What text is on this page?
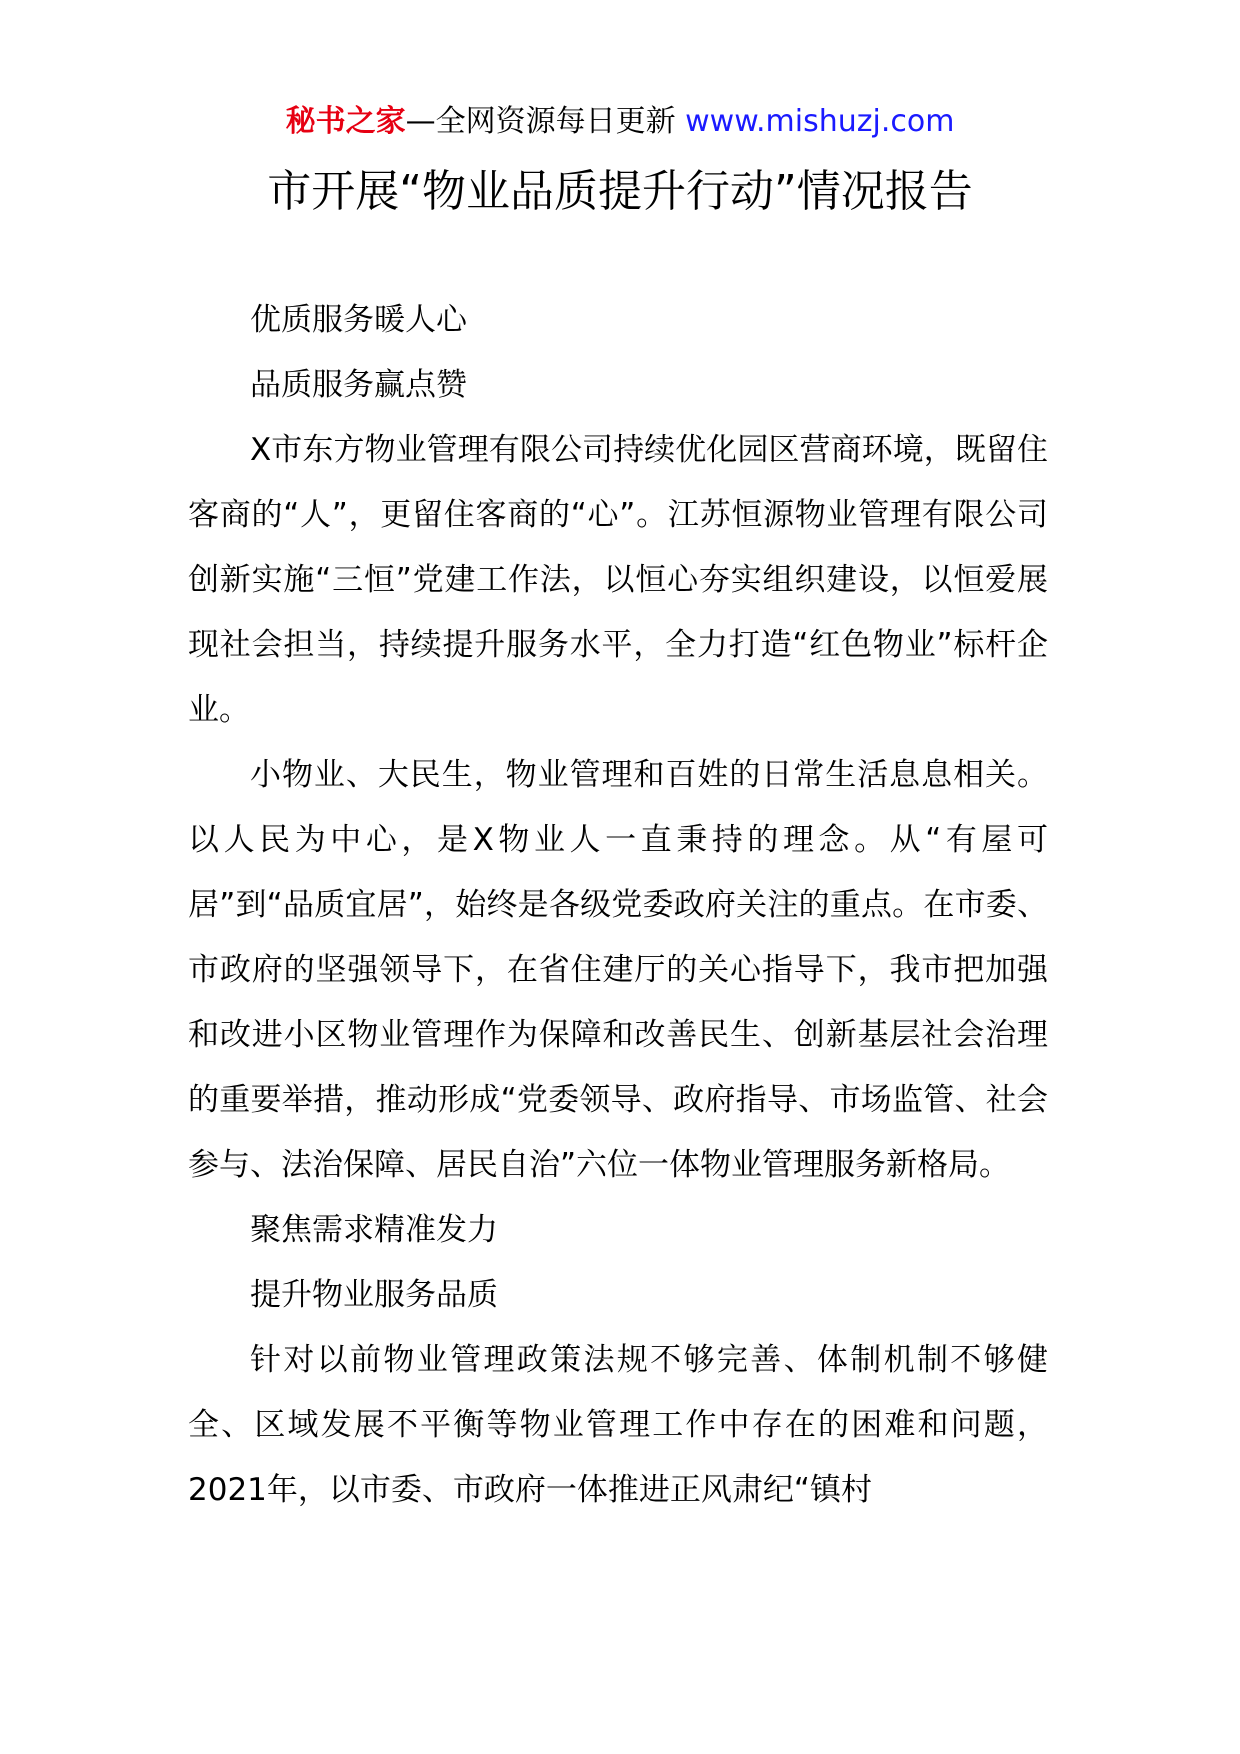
秘书之家—全网资源每日更新 www.mishuzj.com
市开展“物业品质提升行动”情况报告

优质服务暖人心

品质服务赢点赞

X市东方物业管理有限公司持续优化园区营商环境，既留住客商的“人”，更留住客商的“心”。江苏恒源物业管理有限公司创新实施“三恒”党建工作法，以恒心夯实组织建设，以恒爱展现社会担当，持续提升服务水平，全力打造“红色物业”标杆企业。

小物业、大民生，物业管理和百姓的日常生活息息相关。以人民为中心，是X物业人一直秉持的理念。从“有屋可居”到“品质宜居”，始终是各级党委政府关注的重点。在市委、市政府的坚强领导下，在省住建厅的关心指导下，我市把加强和改进小区物业管理作为保障和改善民生、创新基层社会治理的重要举措，推动形成“党委领导、政府指导、市场监管、社会参与、法治保障、居民自治”六位一体物业管理服务新格局。

聚焦需求精准发力

提升物业服务品质

针对以前物业管理政策法规不够完善、体制机制不够健全、区域发展不平衡等物业管理工作中存在的困难和问题，2021年，以市委、市政府一体推进正风肃纪“镇村
